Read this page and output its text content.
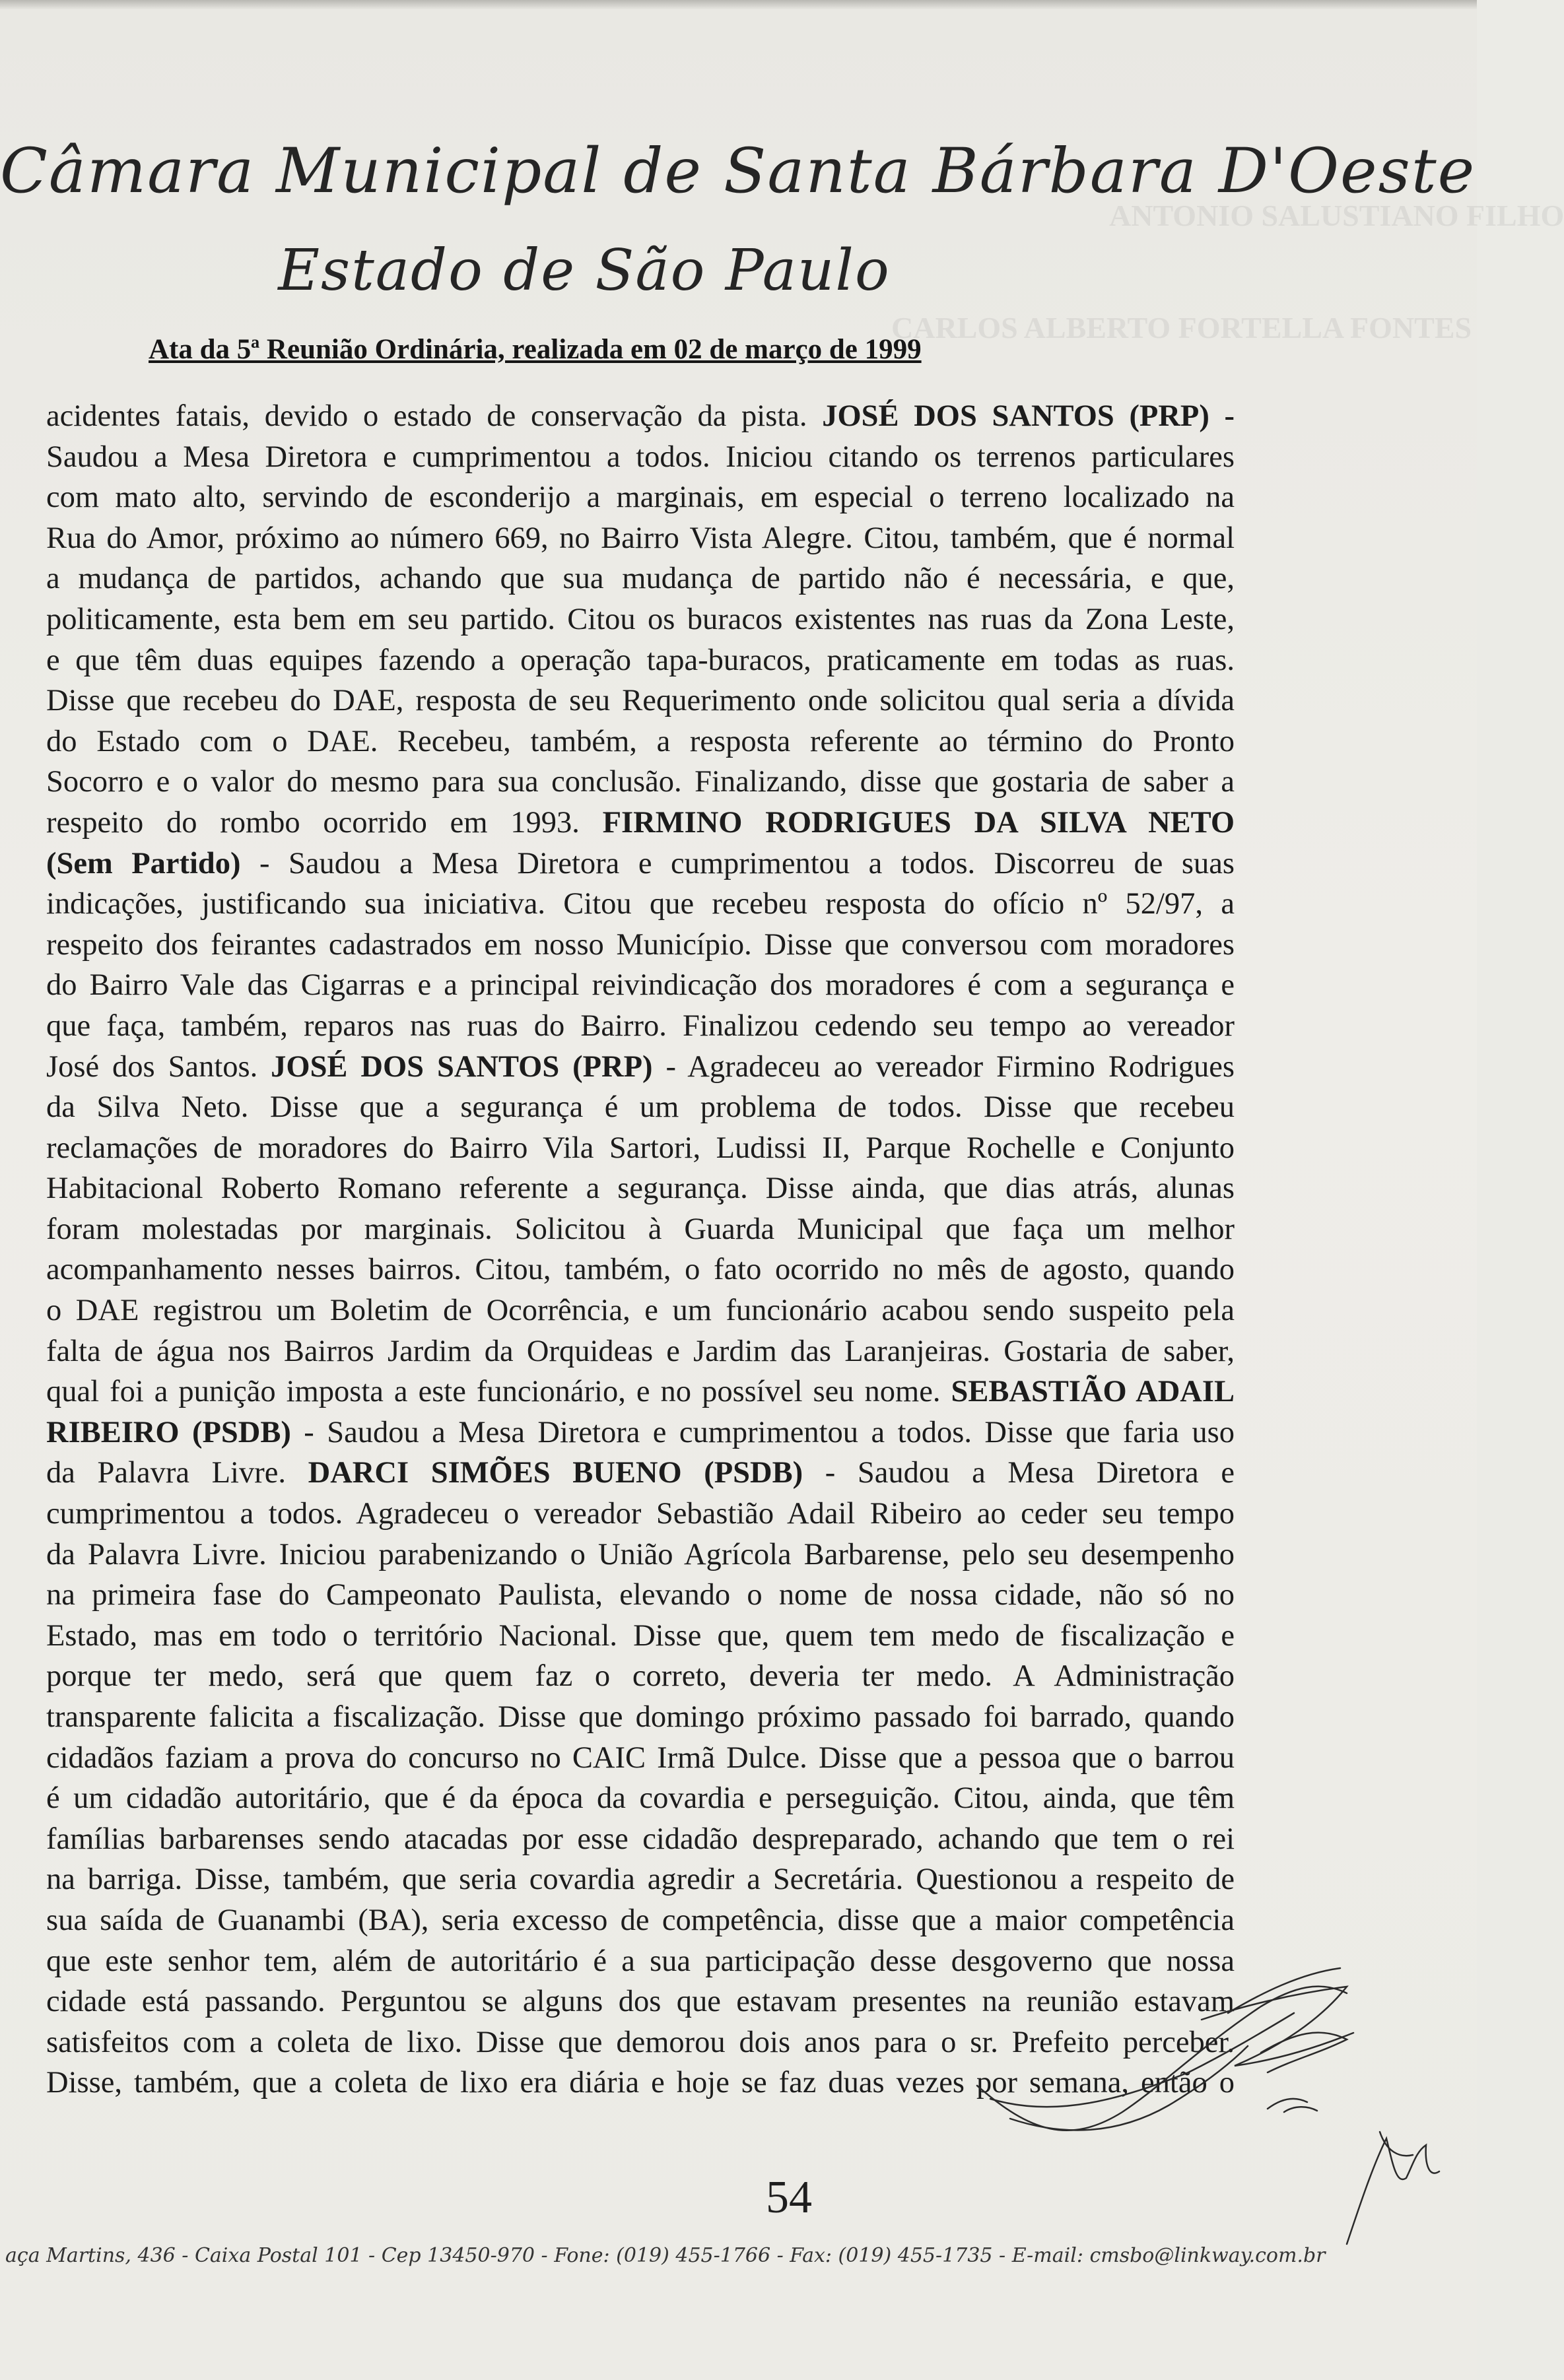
ANTONIO SALUSTIANO FILHO
CARLOS ALBERTO FORTELLA FONTES
Câmara Municipal de Santa Bárbara D'Oeste
Estado de São Paulo
Ata da 5ª Reunião Ordinária, realizada em 02 de março de 1999
acidentes fatais, devido o estado de conservação da pista. JOSÉ DOS SANTOS (PRP) -
Saudou a Mesa Diretora e cumprimentou a todos. Iniciou citando os terrenos particulares
com mato alto, servindo de esconderijo a marginais, em especial o terreno localizado na
Rua do Amor, próximo ao número 669, no Bairro Vista Alegre. Citou, também, que é normal
a mudança de partidos, achando que sua mudança de partido não é necessária, e que,
politicamente, esta bem em seu partido. Citou os buracos existentes nas ruas da Zona Leste,
e que têm duas equipes fazendo a operação tapa-buracos, praticamente em todas as ruas.
Disse que recebeu do DAE, resposta de seu Requerimento onde solicitou qual seria a dívida
do Estado com o DAE. Recebeu, também, a resposta referente ao término do Pronto
Socorro e o valor do mesmo para sua conclusão. Finalizando, disse que gostaria de saber a
respeito do rombo ocorrido em 1993. FIRMINO RODRIGUES DA SILVA NETO
(Sem Partido) - Saudou a Mesa Diretora e cumprimentou a todos. Discorreu de suas
indicações, justificando sua iniciativa. Citou que recebeu resposta do ofício nº 52/97, a
respeito dos feirantes cadastrados em nosso Município. Disse que conversou com moradores
do Bairro Vale das Cigarras e a principal reivindicação dos moradores é com a segurança e
que faça, também, reparos nas ruas do Bairro. Finalizou cedendo seu tempo ao vereador
José dos Santos. JOSÉ DOS SANTOS (PRP) - Agradeceu ao vereador Firmino Rodrigues
da Silva Neto. Disse que a segurança é um problema de todos. Disse que recebeu
reclamações de moradores do Bairro Vila Sartori, Ludissi II, Parque Rochelle e Conjunto
Habitacional Roberto Romano referente a segurança. Disse ainda, que dias atrás, alunas
foram molestadas por marginais. Solicitou à Guarda Municipal que faça um melhor
acompanhamento nesses bairros. Citou, também, o fato ocorrido no mês de agosto, quando
o DAE registrou um Boletim de Ocorrência, e um funcionário acabou sendo suspeito pela
falta de água nos Bairros Jardim da Orquideas e Jardim das Laranjeiras. Gostaria de saber,
qual foi a punição imposta a este funcionário, e no possível seu nome. SEBASTIÃO ADAIL
RIBEIRO (PSDB) - Saudou a Mesa Diretora e cumprimentou a todos. Disse que faria uso
da Palavra Livre. DARCI SIMÕES BUENO (PSDB) - Saudou a Mesa Diretora e
cumprimentou a todos. Agradeceu o vereador Sebastião Adail Ribeiro ao ceder seu tempo
da Palavra Livre. Iniciou parabenizando o União Agrícola Barbarense, pelo seu desempenho
na primeira fase do Campeonato Paulista, elevando o nome de nossa cidade, não só no
Estado, mas em todo o território Nacional. Disse que, quem tem medo de fiscalização e
porque ter medo, será que quem faz o correto, deveria ter medo. A Administração
transparente falicita a fiscalização. Disse que domingo próximo passado foi barrado, quando
cidadãos faziam a prova do concurso no CAIC Irmã Dulce. Disse que a pessoa que o barrou
é um cidadão autoritário, que é da época da covardia e perseguição. Citou, ainda, que têm
famílias barbarenses sendo atacadas por esse cidadão despreparado, achando que tem o rei
na barriga. Disse, também, que seria covardia agredir a Secretária. Questionou a respeito de
sua saída de Guanambi (BA), seria excesso de competência, disse que a maior competência
que este senhor tem, além de autoritário é a sua participação desse desgoverno que nossa
cidade está passando. Perguntou se alguns dos que estavam presentes na reunião estavam
satisfeitos com a coleta de lixo. Disse que demorou dois anos para o sr. Prefeito perceber.
Disse, também, que a coleta de lixo era diária e hoje se faz duas vezes por semana, então o
54
aça Martins, 436 - Caixa Postal 101 - Cep 13450-970 - Fone: (019) 455-1766 - Fax: (019) 455-1735 - E-mail: cmsbo@linkway.com.br
